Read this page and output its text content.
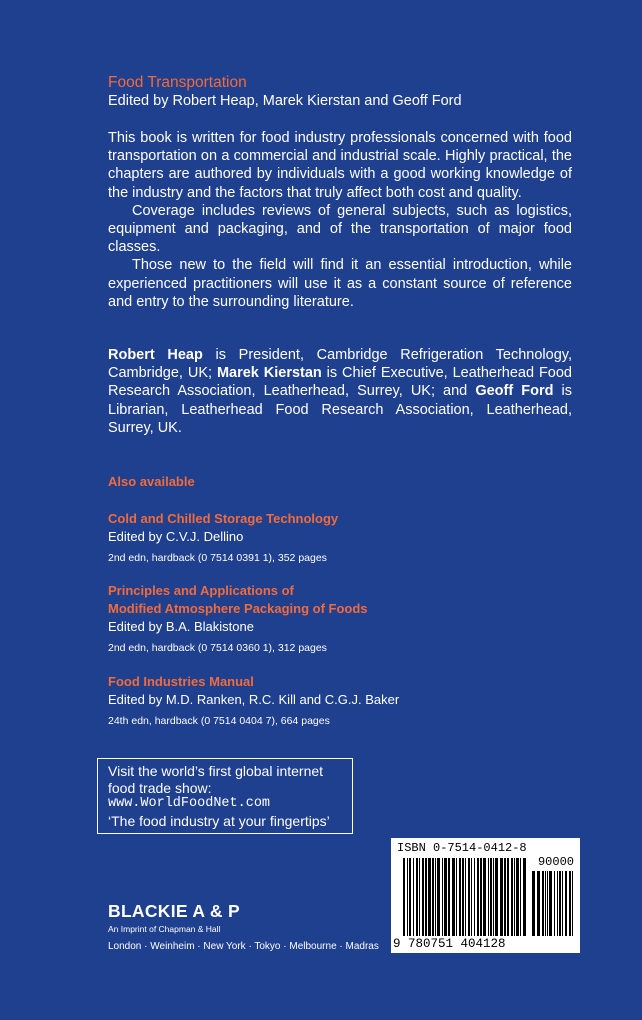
Food Transportation
Edited by Robert Heap, Marek Kierstan and Geoff Ford

This book is written for food industry professionals concerned with food transportation on a commercial and industrial scale. Highly practical, the chapters are authored by individuals with a good working knowledge of the industry and the factors that truly affect both cost and quality.

Coverage includes reviews of general subjects, such as logistics, equipment and packaging, and of the transportation of major food classes.

Those new to the field will find it an essential introduction, while experienced practitioners will use it as a constant source of reference and entry to the surrounding literature.

Robert Heap is President, Cambridge Refrigeration Technology, Cambridge, UK; Marek Kierstan is Chief Executive, Leatherhead Food Research Association, Leatherhead, Surrey, UK; and Geoff Ford is Librarian, Leatherhead Food Research Association, Leatherhead, Surrey, UK.

Also available
Cold and Chilled Storage Technology
Edited by C.V.J. Dellino
2nd edn, hardback (0 7514 0391 1), 352 pages
Principles and Applications of
Modified Atmosphere Packaging of Foods
Edited by B.A. Blakistone
2nd edn, hardback (0 7514 0360 1), 312 pages
Food Industries Manual
Edited by M.D. Ranken, R.C. Kill and C.G.J. Baker
24th edn, hardback (0 7514 0404 7), 664 pages
Visit the world’s first global internet
food trade show:
www.WorldFoodNet.com
‘The food industry at your fingertips’
BLACKIE A & P
An Imprint of Chapman & Hall
London · Weinheim · New York · Tokyo · Melbourne · Madras
ISBN 0-7514-0412-8
90000
9 780751 404128
